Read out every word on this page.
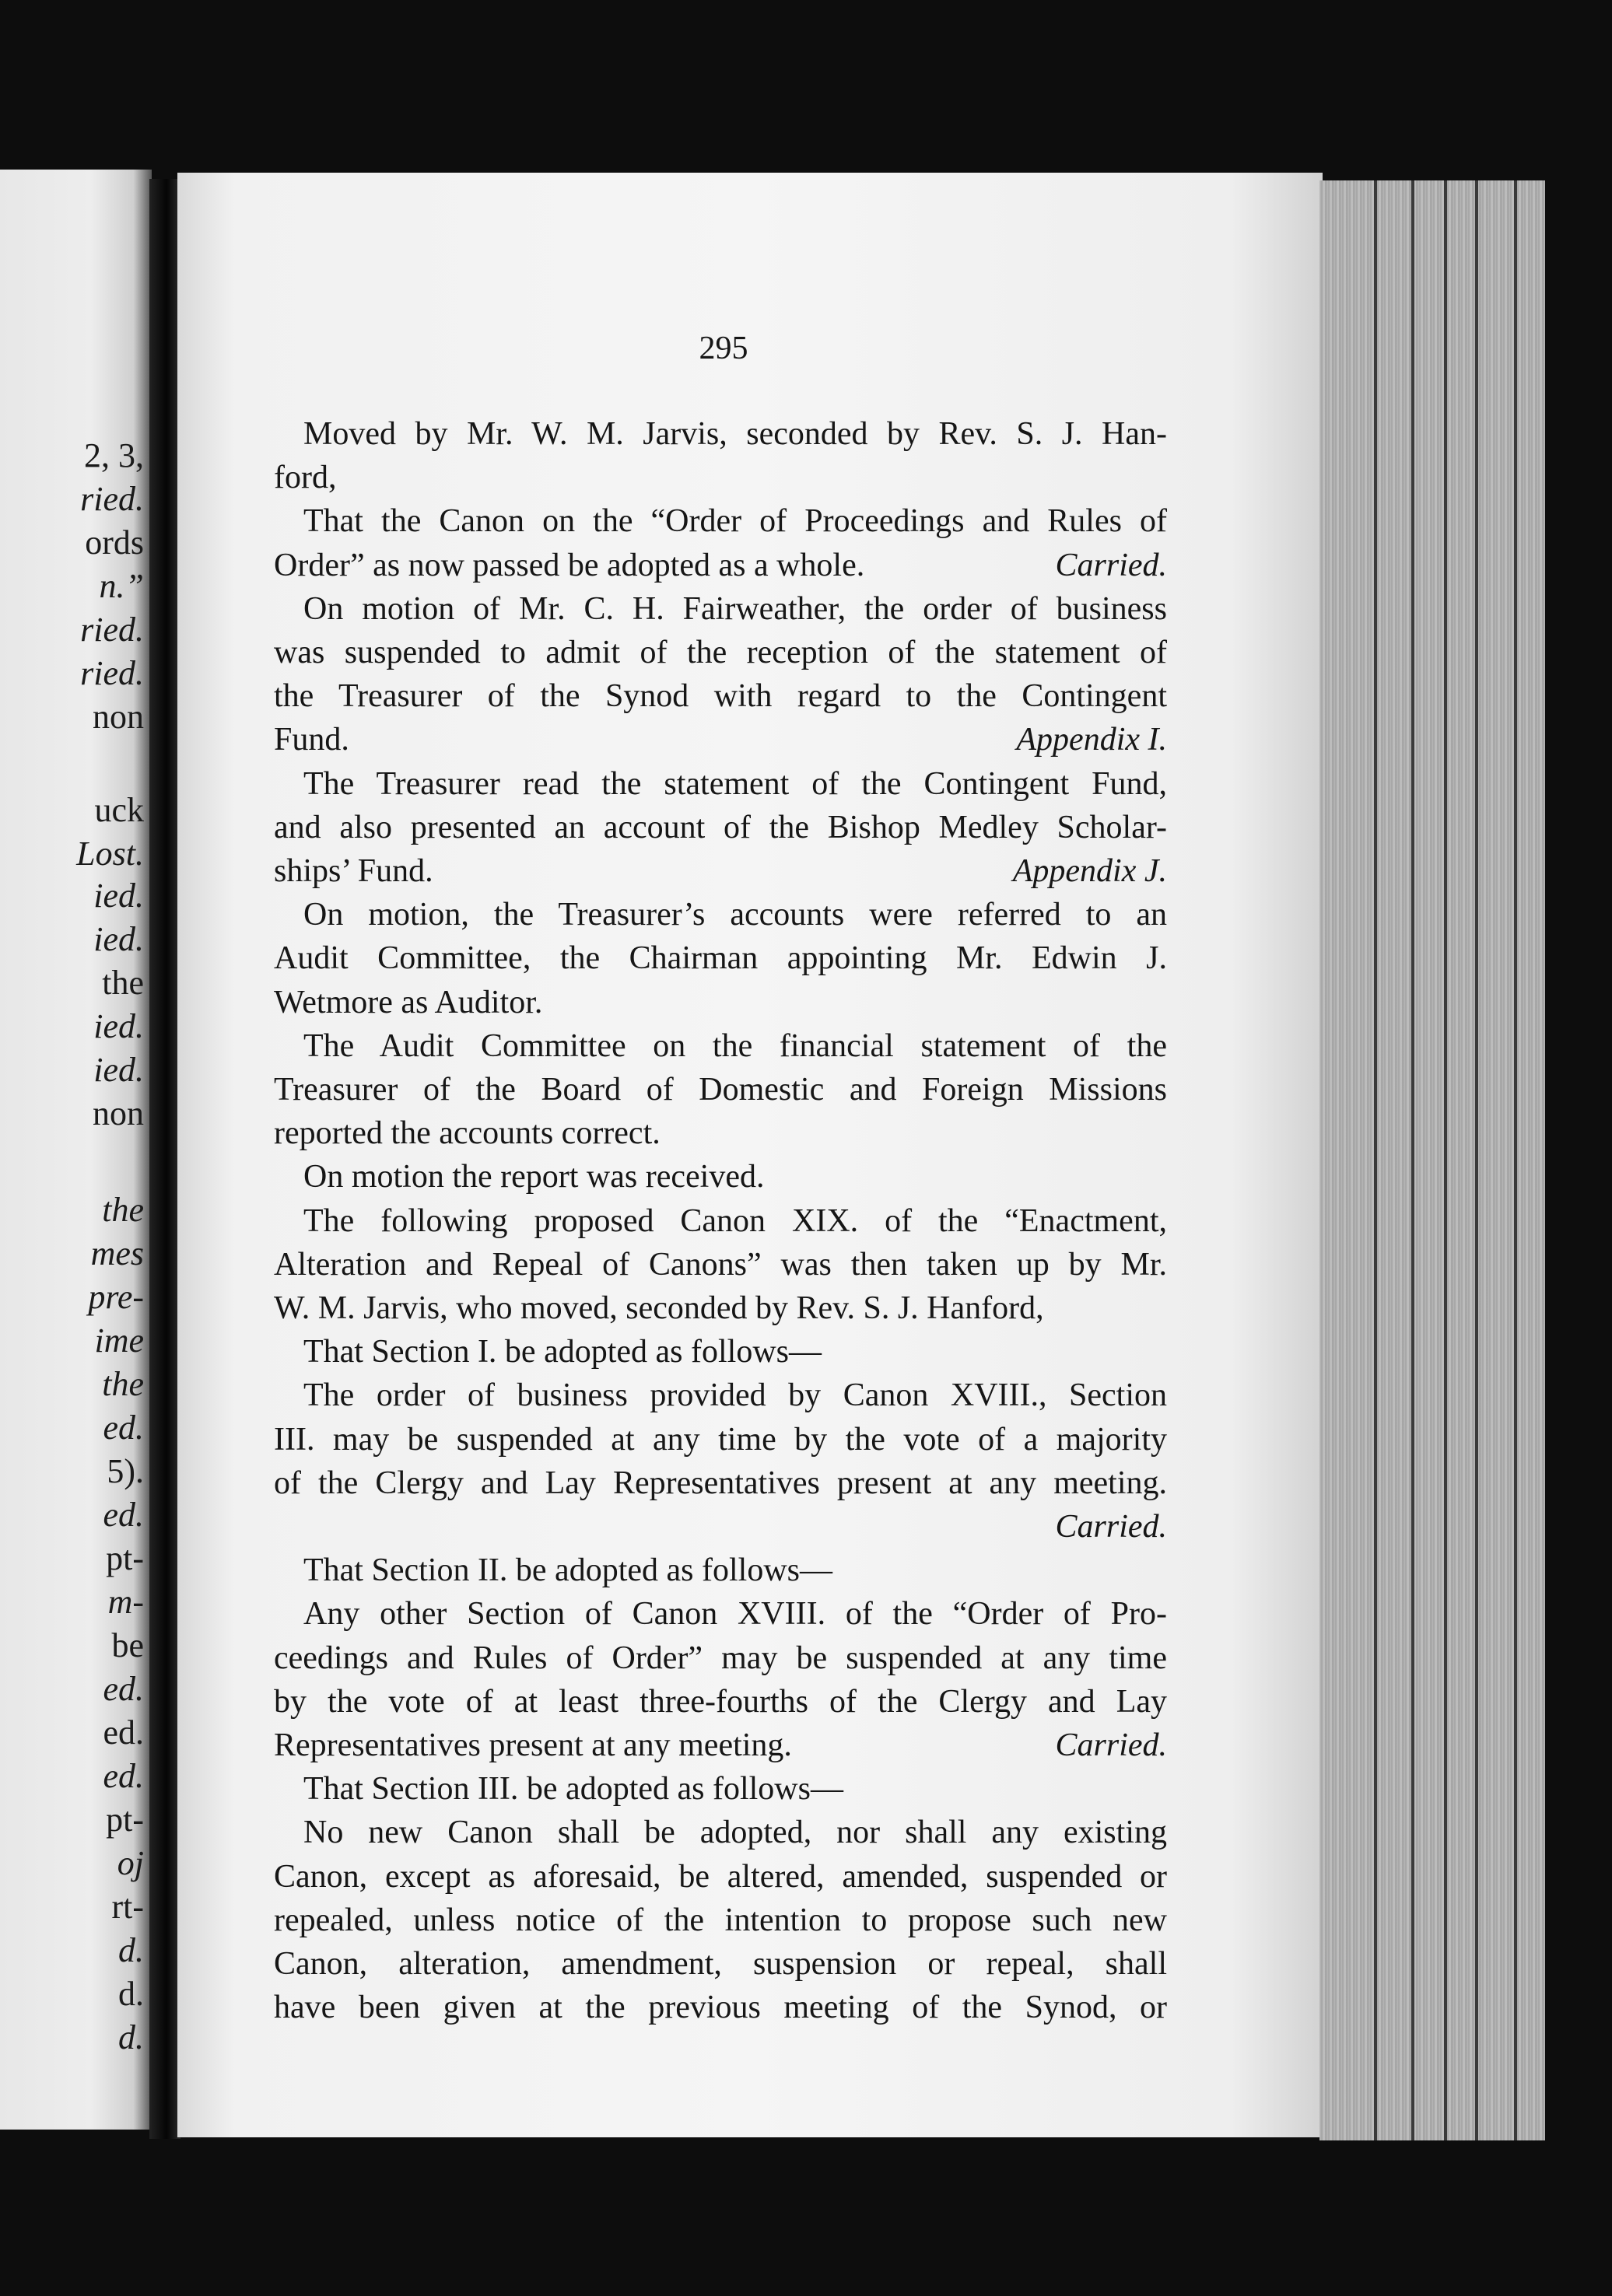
2, 3,
ried.
ords
n.”
ried.
ried.
non
uck
Lost.
ied.
ied.
the
ied.
ied.
non
the
mes
pre-
ime
the
ed.
5).
ed.
pt-
m-
be
ed.
ed.
ed.
pt-
oj
rt-
d.
d.
d.
295
Moved by Mr. W. M. Jarvis, seconded by Rev. S. J. Han-
ford,
That the Canon on the “Order of Proceedings and Rules of
Order” as now passed be adopted as a whole.	Carried.
On motion of Mr. C. H. Fairweather, the order of business
was suspended to admit of the reception of the statement of
the Treasurer of the Synod with regard to the Contingent
Fund.	Appendix I.
The Treasurer read the statement of the Contingent Fund,
and also presented an account of the Bishop Medley Scholar-
ships’ Fund.	Appendix J.
On motion, the Treasurer’s accounts were referred to an
Audit Committee, the Chairman appointing Mr. Edwin J.
Wetmore as Auditor.
The Audit Committee on the financial statement of the
Treasurer of the Board of Domestic and Foreign Missions
reported the accounts correct.
On motion the report was received.
The following proposed Canon XIX. of the “Enactment,
Alteration and Repeal of Canons” was then taken up by Mr.
W. M. Jarvis, who moved, seconded by Rev. S. J. Hanford,
That Section I. be adopted as follows—
The order of business provided by Canon XVIII., Section
III. may be suspended at any time by the vote of a majority
of the Clergy and Lay Representatives present at any meeting.
Carried.
That Section II. be adopted as follows—
Any other Section of Canon XVIII. of the “Order of Pro-
ceedings and Rules of Order” may be suspended at any time
by the vote of at least three-fourths of the Clergy and Lay
Representatives present at any meeting.	Carried.
That Section III. be adopted as follows—
No new Canon shall be adopted, nor shall any existing
Canon, except as aforesaid, be altered, amended, suspended or
repealed, unless notice of the intention to propose such new
Canon, alteration, amendment, suspension or repeal, shall
have been given at the previous meeting of the Synod, or
